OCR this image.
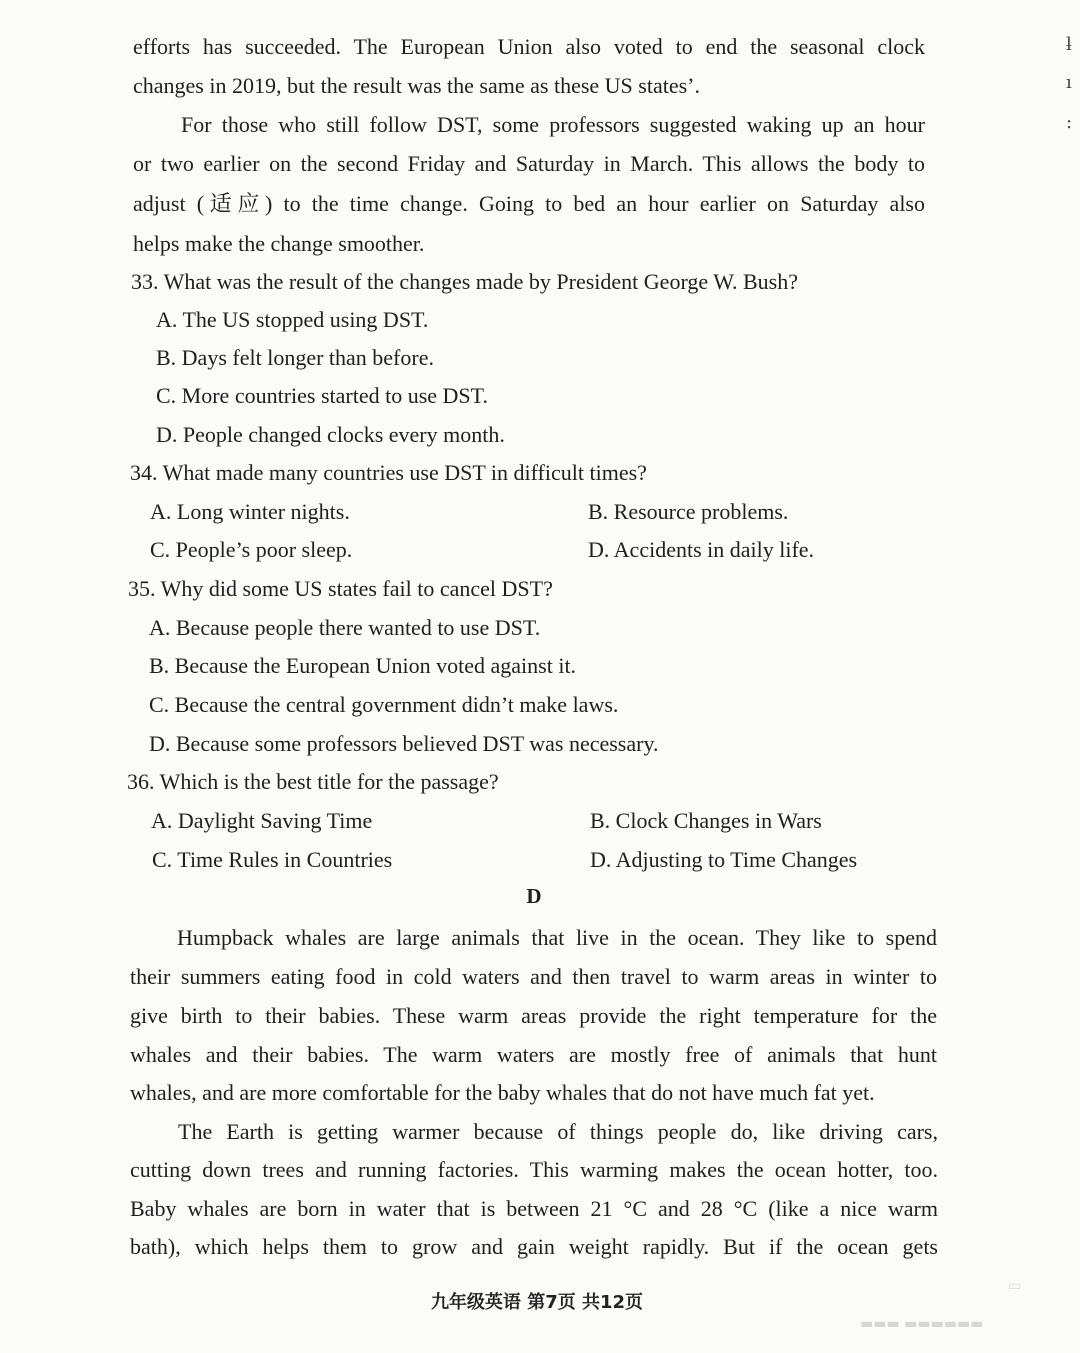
efforts has succeeded. The European Union also voted to end the seasonal clock
changes in 2019, but the result was the same as these US states’.
For those who still follow DST, some professors suggested waking up an hour
or two earlier on the second Friday and Saturday in March. This allows the body to
adjust (适应) to the time change. Going to bed an hour earlier on Saturday also
helps make the change smoother.
33. What was the result of the changes made by President George W. Bush?
A. The US stopped using DST.
B. Days felt longer than before.
C. More countries started to use DST.
D. People changed clocks every month.
34. What made many countries use DST in difficult times?
A. Long winter nights.	B. Resource problems.
C. People’s poor sleep.	D. Accidents in daily life.
35. Why did some US states fail to cancel DST?
A. Because people there wanted to use DST.
B. Because the European Union voted against it.
C. Because the central government didn’t make laws.
D. Because some professors believed DST was necessary.
36. Which is the best title for the passage?
A. Daylight Saving Time	B. Clock Changes in Wars
C. Time Rules in Countries	D. Adjusting to Time Changes
D
Humpback whales are large animals that live in the ocean. They like to spend
their summers eating food in cold waters and then travel to warm areas in winter to
give birth to their babies. These warm areas provide the right temperature for the
whales and their babies. The warm waters are mostly free of animals that hunt
whales, and are more comfortable for the baby whales that do not have much fat yet.
The Earth is getting warmer because of things people do, like driving cars,
cutting down trees and running factories. This warming makes the ocean hotter, too.
Baby whales are born in water that is between 21 °C and 28 °C (like a nice warm
bath), which helps them to grow and gain weight rapidly. But if the ocean gets
九年级英语 第7页 共12页
ƚ
ı
:
▭
▬▬▬ ▬▬▬▬▬▬
